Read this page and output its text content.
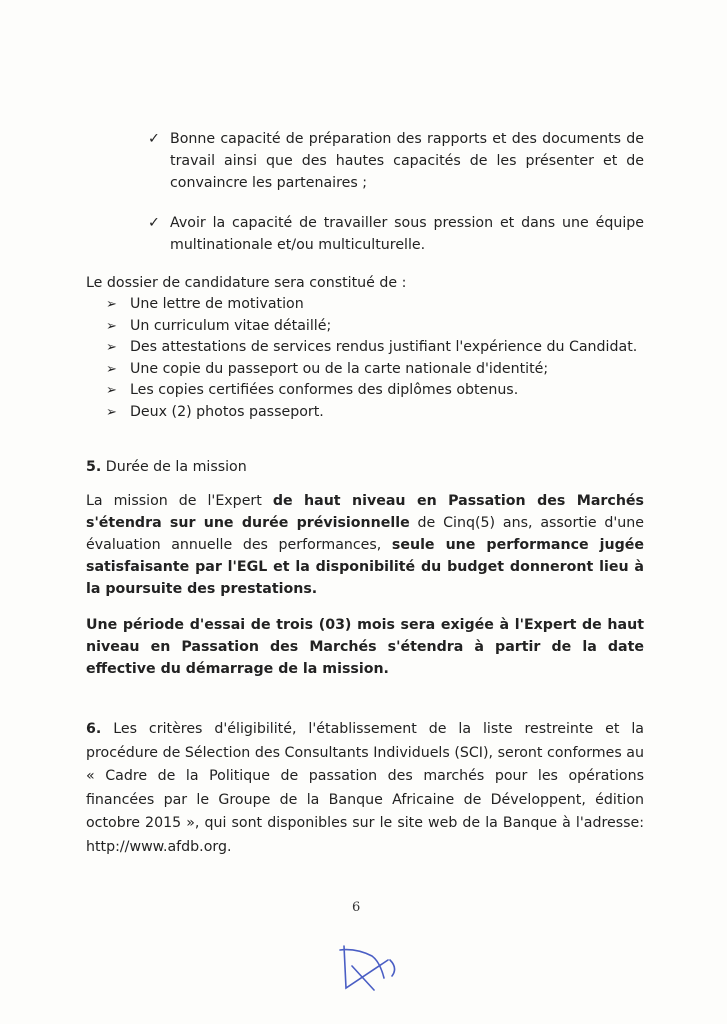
✓ Bonne capacité de préparation des rapports et des documents de travail ainsi que des hautes capacités de les présenter et de convaincre les partenaires ;
✓ Avoir la capacité de travailler sous pression et dans une équipe multinationale et/ou multiculturelle.
Le dossier de candidature sera constitué de :
➢ Une lettre de motivation
➢ Un curriculum vitae détaillé;
➢ Des attestations de services rendus justifiant l'expérience du Candidat.
➢ Une copie du passeport ou de la carte nationale d'identité;
➢ Les copies certifiées conformes des diplômes obtenus.
➢ Deux (2) photos passeport.
5. Durée de la mission
La mission de l'Expert de haut niveau en Passation des Marchés s'étendra sur une durée prévisionnelle de Cinq(5) ans, assortie d'une évaluation annuelle des performances, seule une performance jugée satisfaisante par l'EGL et la disponibilité du budget donneront lieu à la poursuite des prestations.
Une période d'essai de trois (03) mois sera exigée à l'Expert de haut niveau en Passation des Marchés s'étendra à partir de la date effective du démarrage de la mission.
6. Les critères d'éligibilité, l'établissement de la liste restreinte et la procédure de Sélection des Consultants Individuels (SCI), seront conformes au « Cadre de la Politique de passation des marchés pour les opérations financées par le Groupe de la Banque Africaine de Développent, édition octobre 2015 », qui sont disponibles sur le site web de la Banque à l'adresse: http://www.afdb.org.
6
